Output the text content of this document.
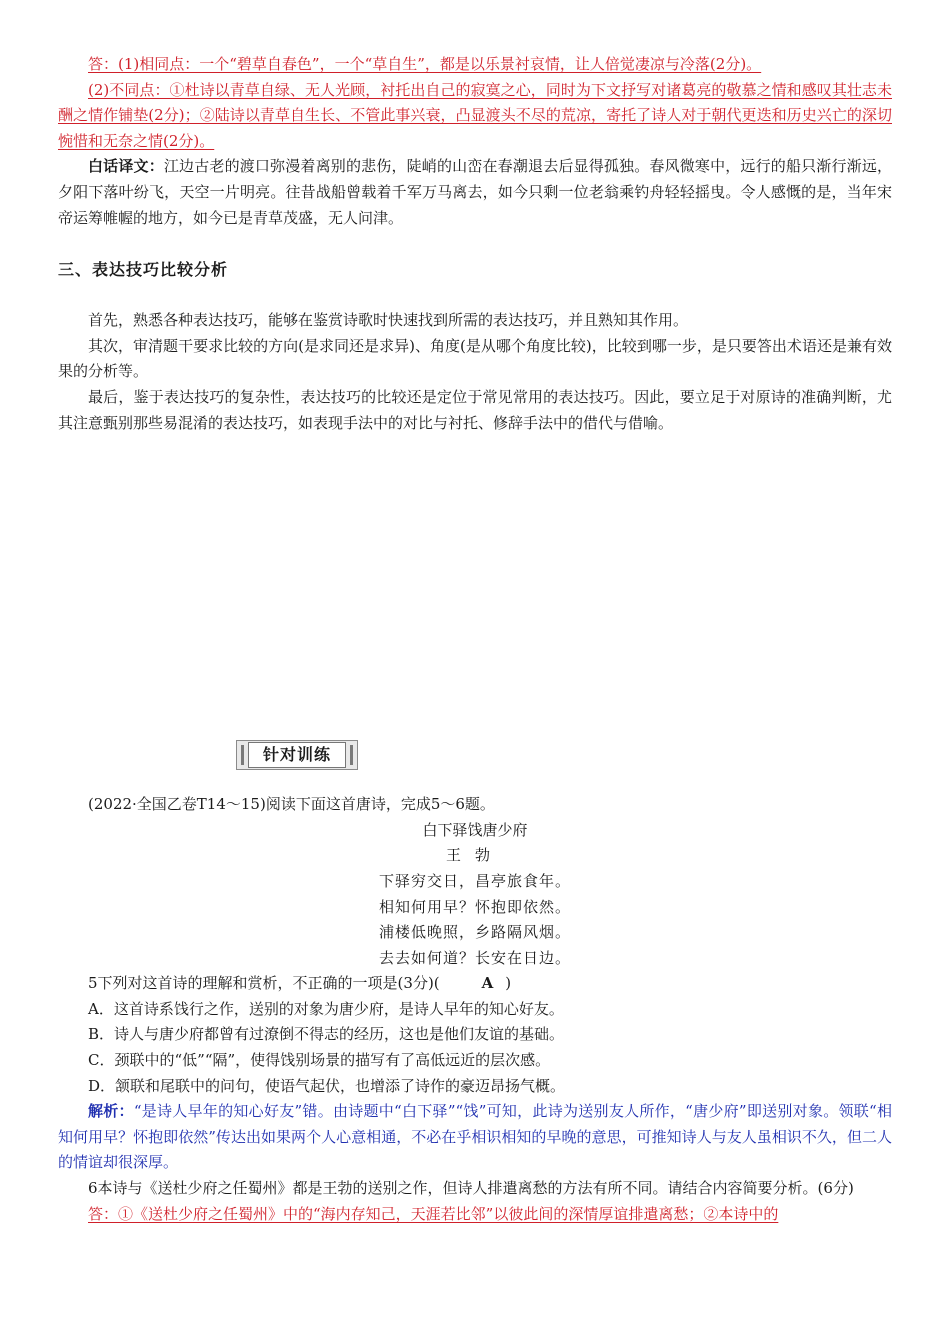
答：(1)相同点：一个“碧草自春色”，一个“草自生”，都是以乐景衬哀情，让人倍觉凄凉与冷落(2分)。

(2)不同点：①杜诗以青草自绿、无人光顾，衬托出自己的寂寞之心，同时为下文抒写对诸葛亮的敬慕之情和感叹其壮志未酬之情作铺垫(2分)；②陆诗以青草自生长、不管此事兴衰，凸显渡头不尽的荒凉，寄托了诗人对于朝代更迭和历史兴亡的深切惋惜和无奈之情(2分)。

白话译文：江边古老的渡口弥漫着离别的悲伤，陡峭的山峦在春潮退去后显得孤独。春风微寒中，远行的船只渐行渐远，夕阳下落叶纷飞，天空一片明亮。往昔战船曾载着千军万马离去，如今只剩一位老翁乘钓舟轻轻摇曳。令人感慨的是，当年宋帝运筹帷幄的地方，如今已是青草茂盛，无人问津。

三、表达技巧比较分析

首先，熟悉各种表达技巧，能够在鉴赏诗歌时快速找到所需的表达技巧，并且熟知其作用。

其次，审清题干要求比较的方向(是求同还是求异)、角度(是从哪个角度比较)，比较到哪一步，是只要答出术语还是兼有效果的分析等。

最后，鉴于表达技巧的复杂性，表达技巧的比较还是定位于常见常用的表达技巧。因此，要立足于对原诗的准确判断，尤其注意甄别那些易混淆的表达技巧，如表现手法中的对比与衬托、修辞手法中的借代与借喻。

针对训练

(2022·全国乙卷T14～15)阅读下面这首唐诗，完成5～6题。

白下驿饯唐少府

王勃

下驿穷交日，昌亭旅食年。

相知何用早？怀抱即依然。

浦楼低晚照，乡路隔风烟。

去去如何道？长安在日边。

5下列对这首诗的理解和赏析，不正确的一项是(3分)(	A )

A．这首诗系饯行之作，送别的对象为唐少府，是诗人早年的知心好友。

B．诗人与唐少府都曾有过潦倒不得志的经历，这也是他们友谊的基础。

C．颈联中的“低”“隔”，使得饯别场景的描写有了高低远近的层次感。

D．颔联和尾联中的问句，使语气起伏，也增添了诗作的豪迈昂扬气概。

解析：“是诗人早年的知心好友”错。由诗题中“白下驿”“饯”可知，此诗为送别友人所作，“唐少府”即送别对象。领联“相知何用早？怀抱即依然”传达出如果两个人心意相通，不必在乎相识相知的早晚的意思，可推知诗人与友人虽相识不久，但二人的情谊却很深厚。

6本诗与《送杜少府之任蜀州》都是王勃的送别之作，但诗人排遣离愁的方法有所不同。请结合内容简要分析。(6分)

答：①《送杜少府之任蜀州》中的“海内存知己，天涯若比邻”以彼此间的深情厚谊排遣离愁；②本诗中的
